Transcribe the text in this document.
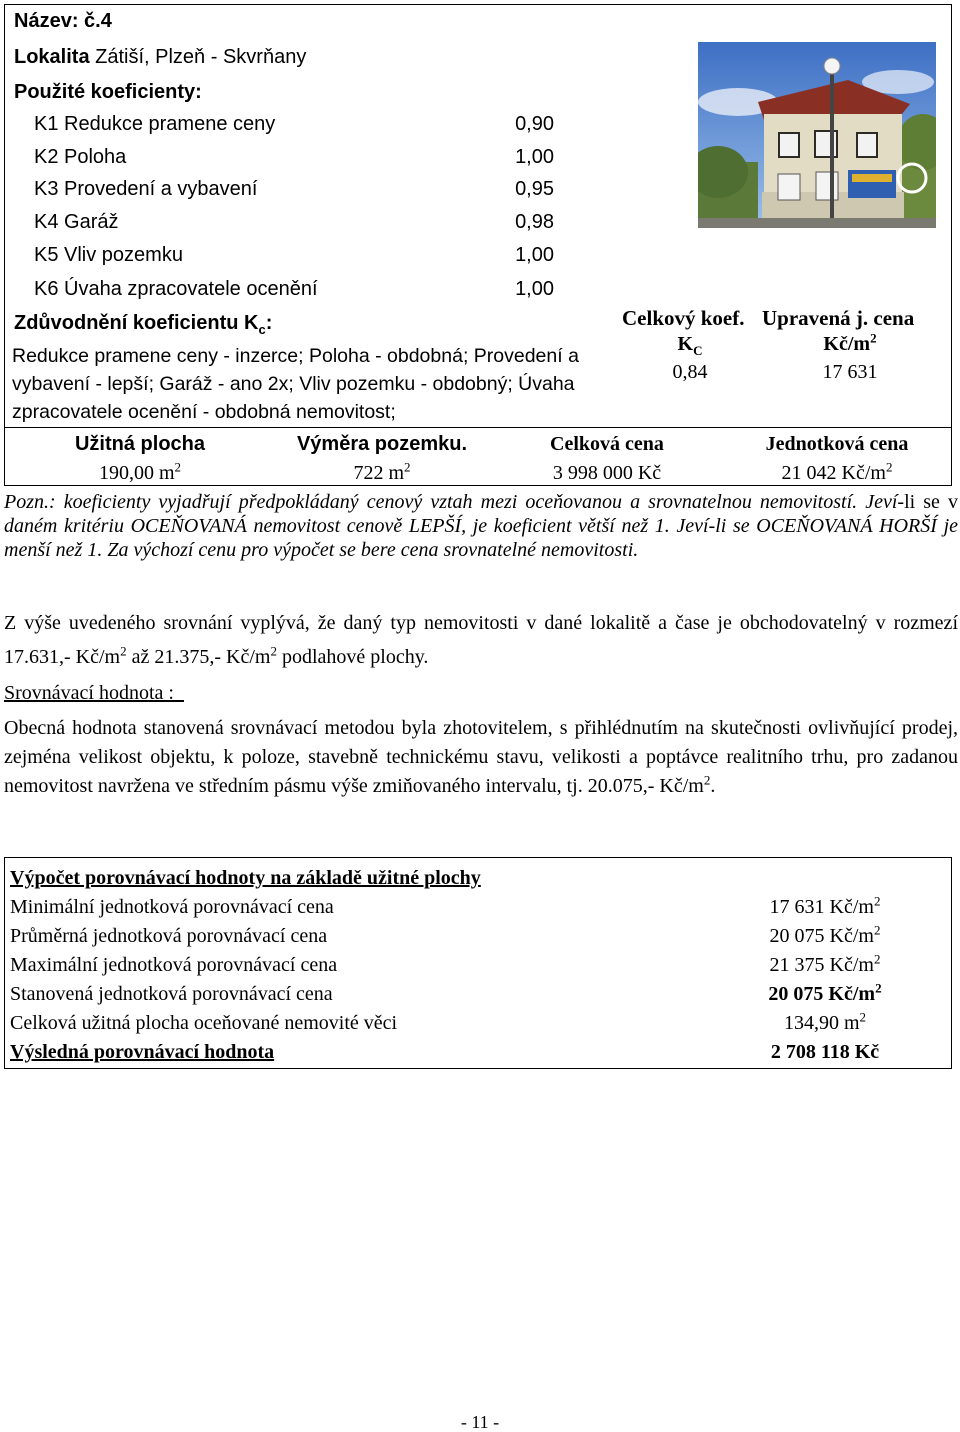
Název: č.4
Lokalita Zátiší, Plzeň - Skvrňany
Použité koeficienty:
K1 Redukce pramene ceny	0,90
K2 Poloha	1,00
K3 Provedení a vybavení	0,95
K4 Garáž	0,98
K5 Vliv pozemku	1,00
K6 Úvaha zpracovatele ocenění	1,00
Zdůvodnění koeficientu $K_c$:
Redukce pramene ceny - inzerce; Poloha - obdobná; Provedení a vybavení - lepší; Garáž - ano 2x; Vliv pozemku - obdobný; Úvaha zpracovatele ocenění - obdobná nemovitost;
Celkový koef. Upravená j. cena
$K_C$	$Kč/m^2$
0,84	17 631
Užitná plocha	Výměra pozemku.	Celková cena	Jednotková cena
190,00 $m^2$	722 $m^2$	3 998 000 Kč	21 042 $Kč/m^2$
Pozn.: koeficienty vyjadřují předpokládaný cenový vztah mezi oceňovanou a srovnatelnou nemovitostí. Jeví-li se v daném kritériu OCEŇOVANÁ nemovitost cenově LEPŠÍ, je koeficient větší než 1. Jeví-li se OCEŇOVANÁ HORŠÍ je menší než 1. Za výchozí cenu pro výpočet se bere cena srovnatelné nemovitosti.
Z výše uvedeného srovnání vyplývá, že daný typ nemovitosti v dané lokalitě a čase je obchodovatelný v rozmezí 17.631,- $Kč/m^2$ až 21.375,- $Kč/m^2$ podlahové plochy.
Srovnávací hodnota :
Obecná hodnota stanovená srovnávací metodou byla zhotovitelem, s přihlédnutím na skutečnosti ovlivňující prodej, zejména velikost objektu, k poloze, stavebně technickému stavu, velikosti a poptávce realitního trhu, pro zadanou nemovitost navržena ve středním pásmu výše zmiňovaného intervalu, tj. 20.075,- $Kč/m^2$.
Výpočet porovnávací hodnoty na základě užitné plochy
Minimální jednotková porovnávací cena	17 631 $Kč/m^2$
Průměrná jednotková porovnávací cena	20 075 $Kč/m^2$
Maximální jednotková porovnávací cena	21 375 $Kč/m^2$
Stanovená jednotková porovnávací cena	20 075 $Kč/m^2$
Celková užitná plocha oceňované nemovité věci	134,90 $m^2$
Výsledná porovnávací hodnota	2 708 118 Kč
- 11 -
